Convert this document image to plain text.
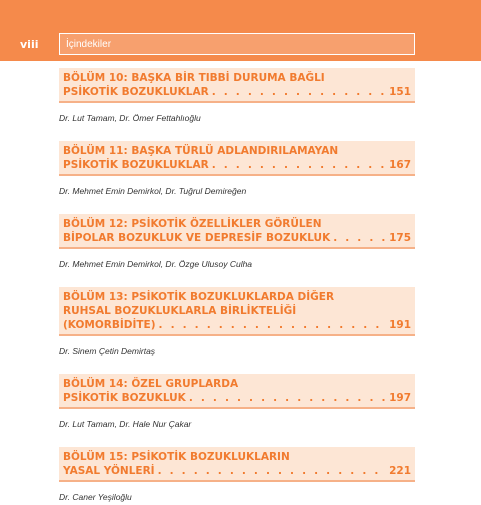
viii	İçindekiler
BÖLÜM 10: BAŞKA BİR TIBBİ DURUMA BAĞLI
PSİKOTİK BOZUKLUKLAR . . .	151
Dr. Lut Tamam, Dr. Ömer Fettahlıoğlu
BÖLÜM 11: BAŞKA TÜRLÜ ADLANDIRILAMAYAN
PSİKOTİK BOZUKLUKLAR . . .	167
Dr. Mehmet Emin Demirkol, Dr. Tuğrul Demireğen
BÖLÜM 12: PSİKOTİK ÖZELLİKLER GÖRÜLEN
BİPOLAR BOZUKLUK VE DEPRESİF BOZUKLUK . . .	175
Dr. Mehmet Emin Demirkol, Dr. Özge Ulusoy Culha
BÖLÜM 13: PSİKOTİK BOZUKLUKLARDA DİĞER
RUHSAL BOZUKLUKLARLA BİRLİKTELİĞİ
(KOMORBİDİTE) . . .	191
Dr. Sinem Çetin Demirtaş
BÖLÜM 14: ÖZEL GRUPLARDA
PSİKOTİK BOZUKLUK . . .	197
Dr. Lut Tamam, Dr. Hale Nur Çakar
BÖLÜM 15: PSİKOTİK BOZUKLUKLARIN
YASAL YÖNLERİ . . .	221
Dr. Caner Yeşiloğlu
